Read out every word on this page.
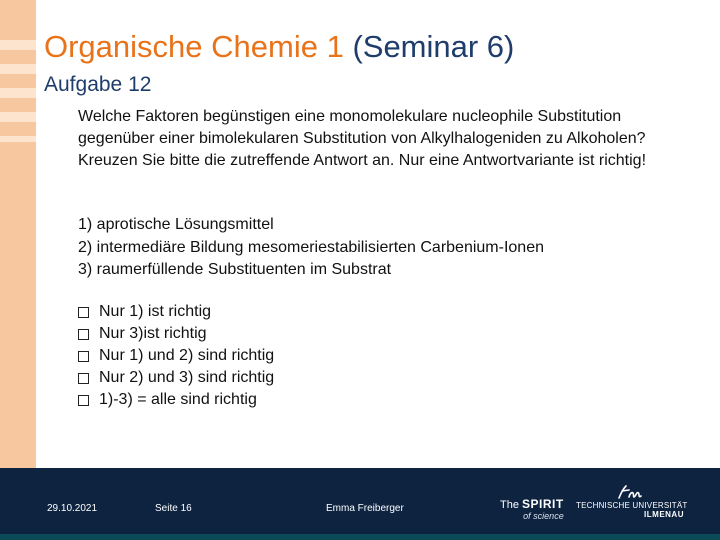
Organische Chemie 1 (Seminar 6)
Aufgabe 12

Welche Faktoren begünstigen eine monomolekulare nucleophile Substitution gegenüber einer bimolekularen Substitution von Alkylhalogeniden zu Alkoholen? Kreuzen Sie bitte die zutreffende Antwort an. Nur eine Antwortvariante ist richtig!

1) aprotische Lösungsmittel
2) intermediäre Bildung mesomeriestabilisierten Carbenium-Ionen
3) raumerfüllende Substituenten im Substrat
Nur 1) ist richtig
Nur 3)ist richtig
Nur 1) und 2) sind richtig
Nur 2) und 3) sind richtig
1)-3) = alle sind richtig
29.10.2021	Seite 16	Emma Freiberger	The SPIRIT
of science
TECHNISCHE UNIVERSITÄT
ILMENAU
